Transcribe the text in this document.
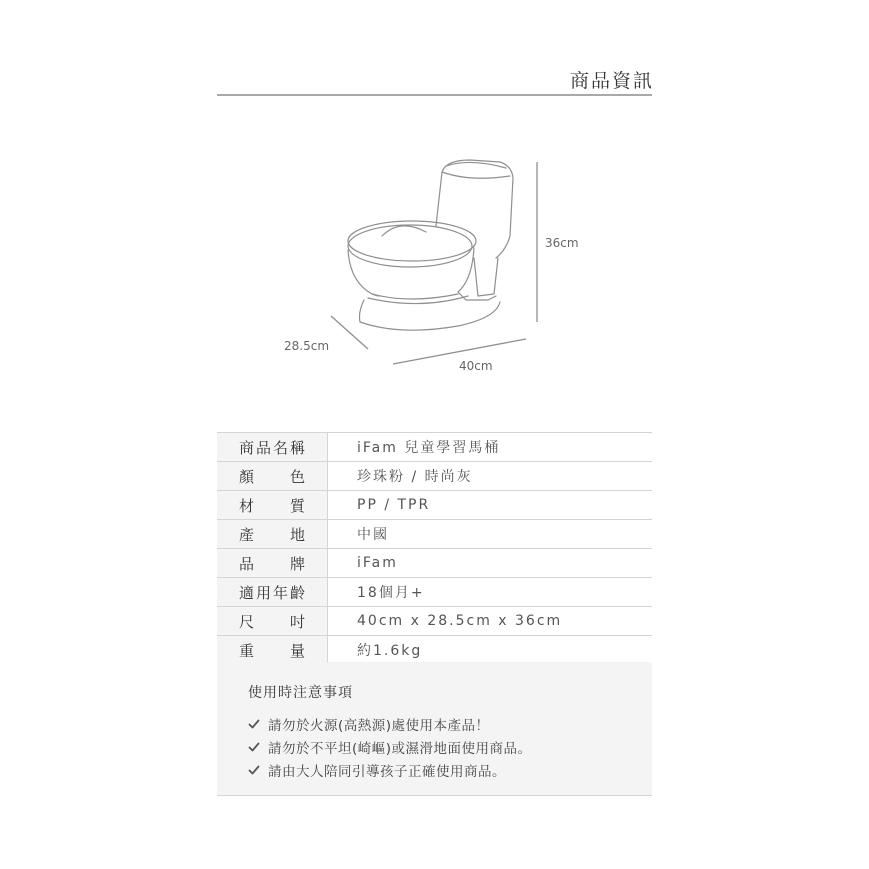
商品資訊
36cm
28.5cm
40cm
商品名稱	iFam 兒童學習馬桶

顏色	珍珠粉 / 時尚灰

材質	PP / TPR

產地	中國

品牌	iFam

適用年齡	18個月+

尺吋	40cm x 28.5cm x 36cm

重量	約1.6kg
使用時注意事項
請勿於火源(高熱源)處使用本產品！
請勿於不平坦(崎嶇)或濕滑地面使用商品。
請由大人陪同引導孩子正確使用商品。
